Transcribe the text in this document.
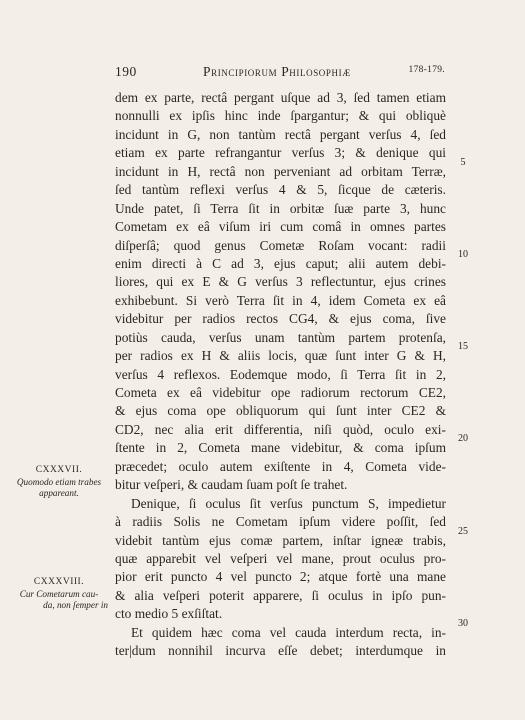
190	Principiorum Philosophiæ	178-179.
dem ex parte, rectâ pergant uſque ad 3, ſed tamen etiam
nonnulli ex ipſis hinc inde ſpargantur; & qui obliquè
incidunt in G, non tantùm rectâ pergant verſus 4, ſed
etiam ex parte refrangantur verſus 3; & denique qui
incidunt in H, rectâ non perveniant ad orbitam Terræ,
ſed tantùm reflexi verſus 4 & 5, ſicque de cæteris.
Unde patet, ſi Terra ſit in orbitæ ſuæ parte 3, hunc
Cometam ex eâ viſum iri cum comâ in omnes partes
diſperſâ; quod genus Cometæ Roſam vocant: radii
enim directi à C ad 3, ejus caput; alii autem debi-
liores, qui ex E & G verſus 3 reflectuntur, ejus crines
exhibebunt. Si verò Terra ſit in 4, idem Cometa ex eâ
videbitur per radios rectos CG4, & ejus coma, ſive
potiùs cauda, verſus unam tantùm partem protenſa,
per radios ex H & aliis locis, quæ ſunt inter G & H,
verſus 4 reflexos. Eodemque modo, ſi Terra ſit in 2,
Cometa ex eâ videbitur ope radiorum rectorum CE2,
& ejus coma ope obliquorum qui ſunt inter CE2 &
CD2, nec alia erit differentia, niſi quòd, oculo exi-
ſtente in 2, Cometa mane videbitur, & coma ipſum
præcedet; oculo autem exiſtente in 4, Cometa vide-
bitur veſperi, & caudam ſuam poſt ſe trahet.
Denique, ſi oculus ſit verſus punctum S, impedietur
à radiis Solis ne Cometam ipſum videre poſſit, ſed
videbit tantùm ejus comæ partem, inſtar igneæ trabis,
quæ apparebit vel veſperi vel mane, prout oculus pro-
pior erit puncto 4 vel puncto 2; atque fortè una mane
& alia veſperi poterit apparere, ſi oculus in ipſo pun-
cto medio 5 exſiſtat.
Et quidem hæc coma vel cauda interdum recta, in-
ter|dum nonnihil incurva eſſe debet; interdumque in
5
10
15
20
25
30
CXXXVII.
Quomodo etiam trabes
appareant.
CXXXVIII.
Cur Cometarum cau-
da, non ſemper in
